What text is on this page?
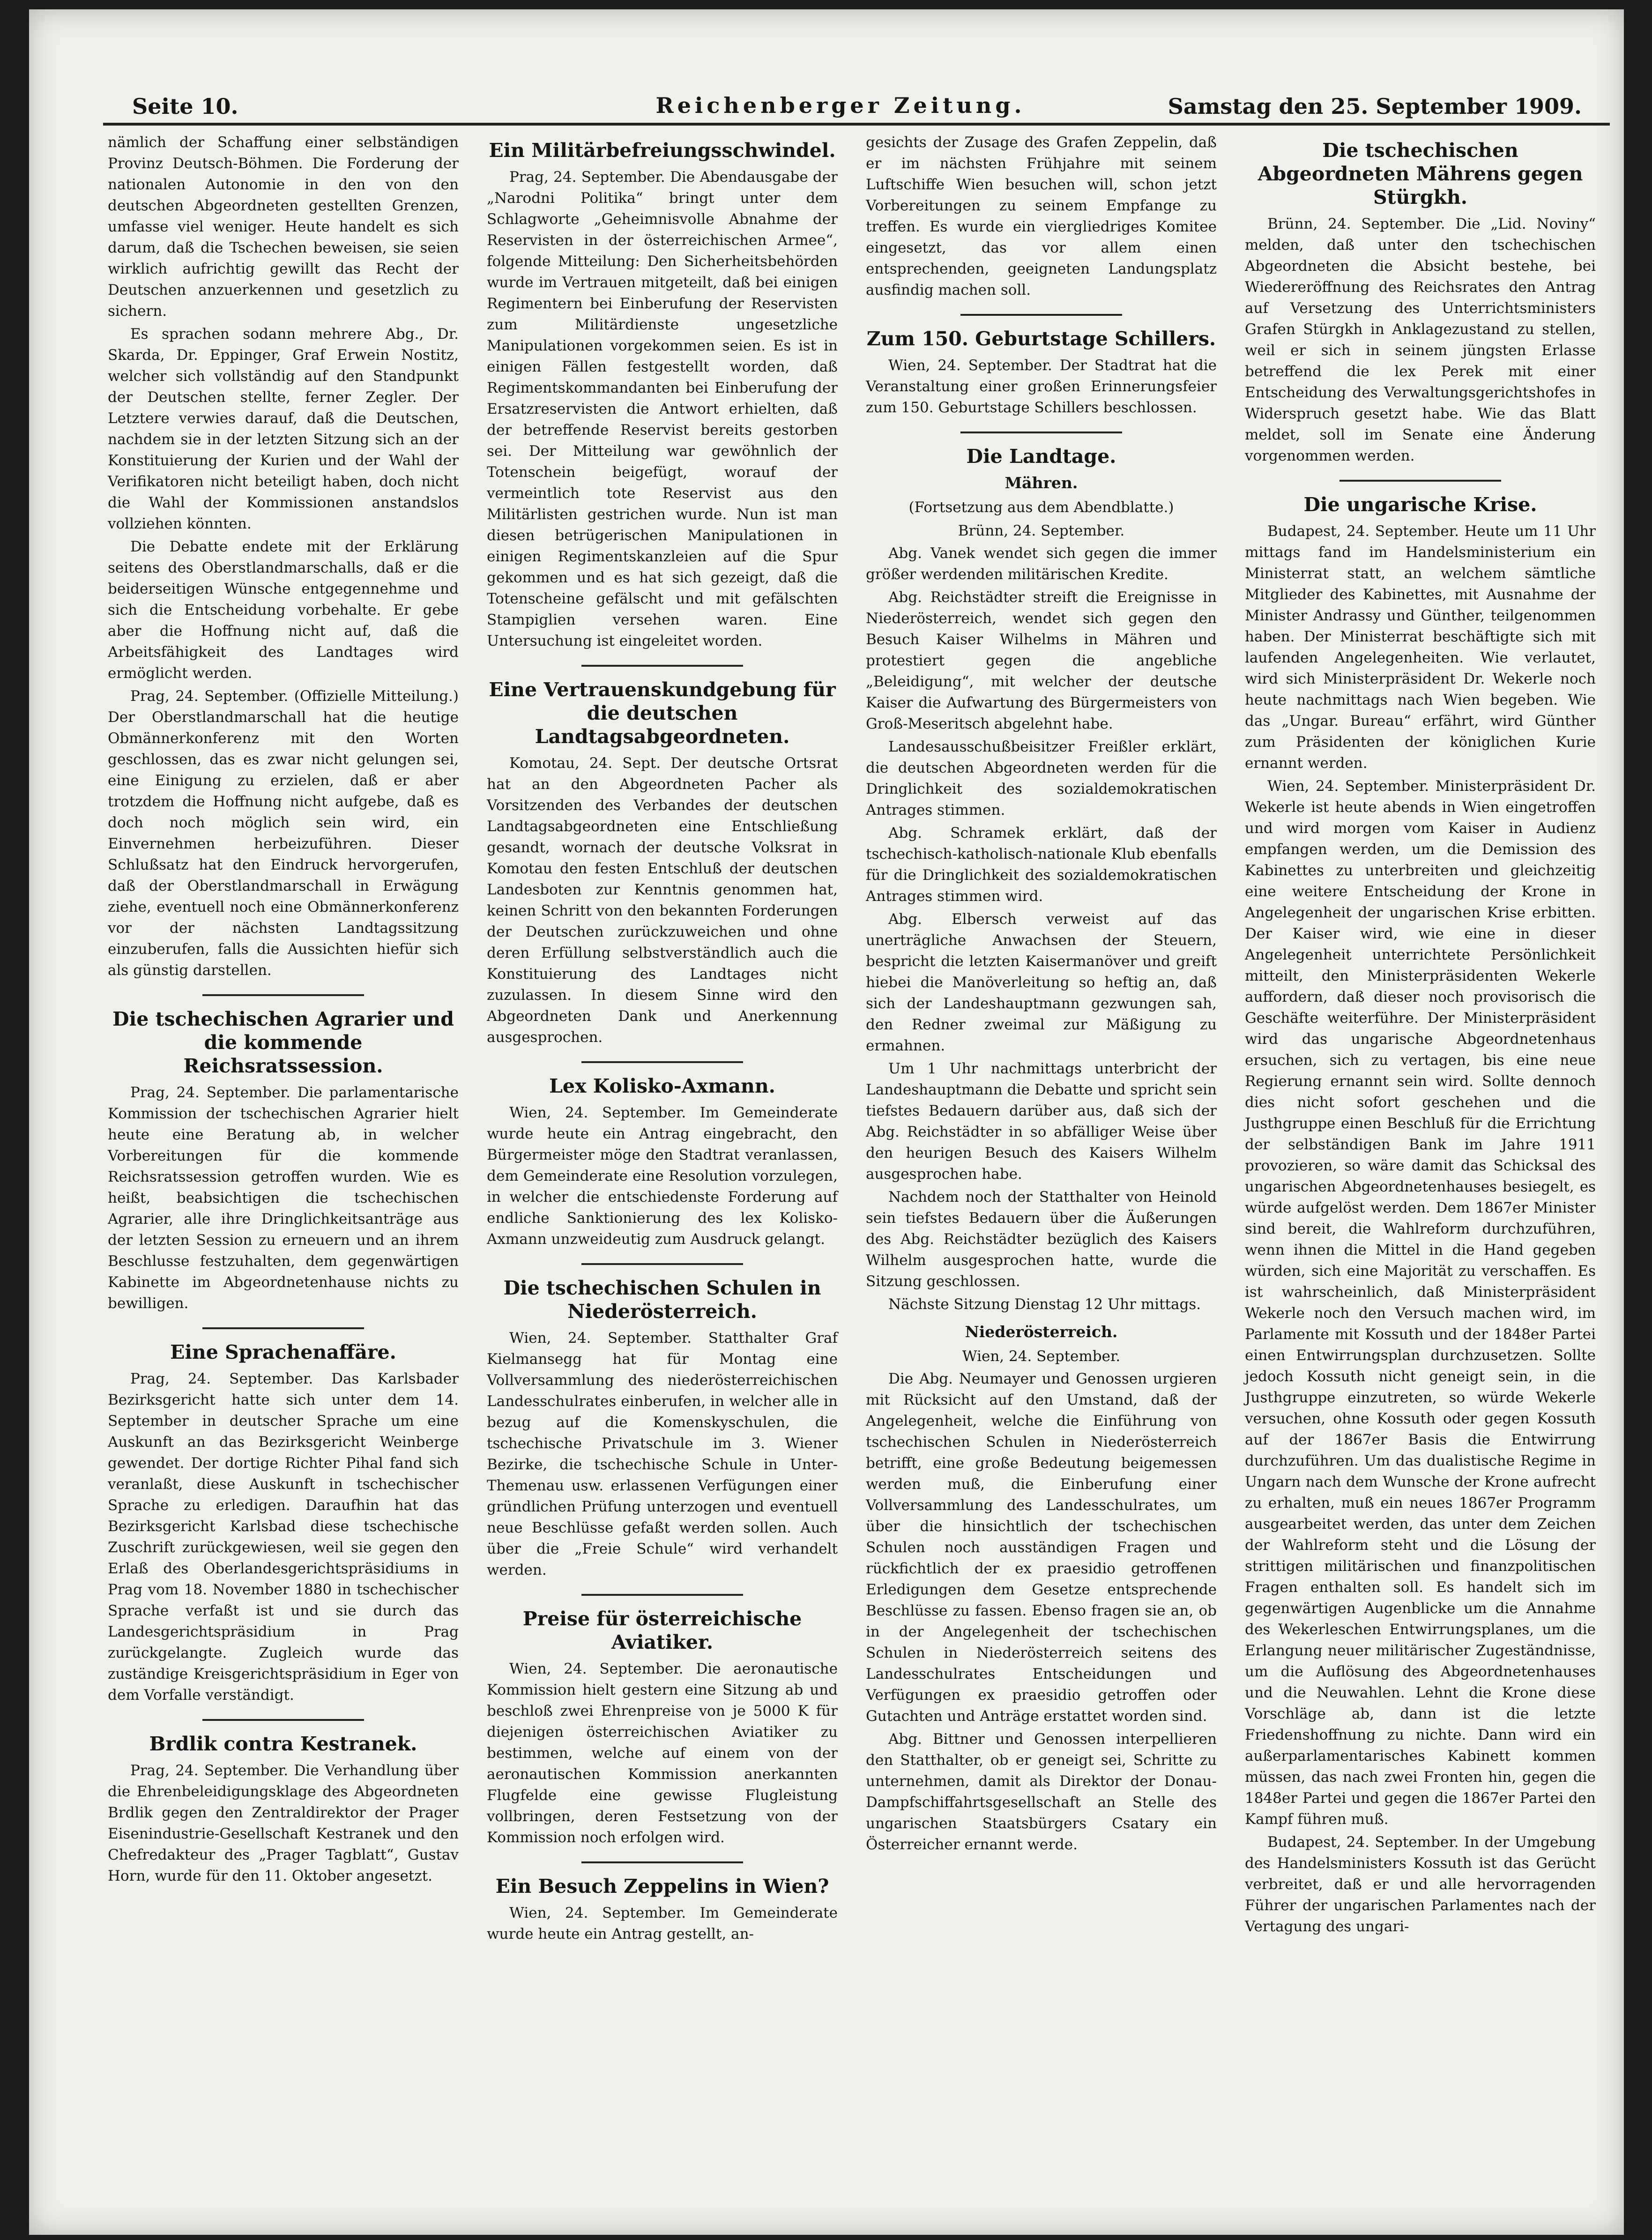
Seite 10.	Reichenberger Zeitung.	Samstag den 25. September 1909.

nämlich der Schaffung einer selbständigen Provinz Deutsch-Böhmen. Die Forderung der nationalen Autonomie in den von den deutschen Abgeordneten gestellten Grenzen, umfasse viel weniger. Heute handelt es sich darum, daß die Tschechen beweisen, sie seien wirklich aufrichtig gewillt das Recht der Deutschen anzuerkennen und gesetzlich zu sichern.

Es sprachen sodann mehrere Abg., Dr. Skarda, Dr. Eppinger, Graf Erwein Nostitz, welcher sich vollständig auf den Standpunkt der Deutschen stellte, ferner Zegler. Der Letztere verwies darauf, daß die Deutschen, nachdem sie in der letzten Sitzung sich an der Konstituierung der Kurien und der Wahl der Verifikatoren nicht beteiligt haben, doch nicht die Wahl der Kommissionen anstandslos vollziehen könnten.

Die Debatte endete mit der Erklärung seitens des Oberstlandmarschalls, daß er die beiderseitigen Wünsche entgegennehme und sich die Entscheidung vorbehalte. Er gebe aber die Hoffnung nicht auf, daß die Arbeitsfähigkeit des Landtages wird ermöglicht werden.

Prag, 24. September. (Offizielle Mitteilung.) Der Oberstlandmarschall hat die heutige Obmännerkonferenz mit den Worten geschlossen, das es zwar nicht gelungen sei, eine Einigung zu erzielen, daß er aber trotzdem die Hoffnung nicht aufgebe, daß es doch noch möglich sein wird, ein Einvernehmen herbeizuführen. Dieser Schlußsatz hat den Eindruck hervorgerufen, daß der Oberstlandmarschall in Erwägung ziehe, eventuell noch eine Obmännerkonferenz vor der nächsten Landtagssitzung einzuberufen, falls die Aussichten hiefür sich als günstig darstellen.

Die tschechischen Agrarier und die kommende Reichsratssession.

Prag, 24. September. Die parlamentarische Kommission der tschechischen Agrarier hielt heute eine Beratung ab, in welcher Vorbereitungen für die kommende Reichsratssession getroffen wurden. Wie es heißt, beabsichtigen die tschechischen Agrarier, alle ihre Dringlichkeitsanträge aus der letzten Session zu erneuern und an ihrem Beschlusse festzuhalten, dem gegenwärtigen Kabinette im Abgeordnetenhause nichts zu bewilligen.

Eine Sprachenaffäre.

Prag, 24. September. Das Karlsbader Bezirksgericht hatte sich unter dem 14. September in deutscher Sprache um eine Auskunft an das Bezirksgericht Weinberge gewendet. Der dortige Richter Pihal fand sich veranlaßt, diese Auskunft in tschechischer Sprache zu erledigen. Daraufhin hat das Bezirksgericht Karlsbad diese tschechische Zuschrift zurückgewiesen, weil sie gegen den Erlaß des Oberlandesgerichtspräsidiums in Prag vom 18. November 1880 in tschechischer Sprache verfaßt ist und sie durch das Landesgerichtspräsidium in Prag zurückgelangte. Zugleich wurde das zuständige Kreisgerichtspräsidium in Eger von dem Vorfalle verständigt.

Brdlik contra Kestranek.

Prag, 24. September. Die Verhandlung über die Ehrenbeleidigungsklage des Abgeordneten Brdlik gegen den Zentraldirektor der Prager Eisenindustrie-Gesellschaft Kestranek und den Chefredakteur des „Prager Tagblatt“, Gustav Horn, wurde für den 11. Oktober angesetzt.

Ein Militärbefreiungsschwindel.

Prag, 24. September. Die Abendausgabe der „Narodni Politika“ bringt unter dem Schlagworte „Geheimnisvolle Abnahme der Reservisten in der österreichischen Armee“, folgende Mitteilung: Den Sicherheitsbehörden wurde im Vertrauen mitgeteilt, daß bei einigen Regimentern bei Einberufung der Reservisten zum Militärdienste ungesetzliche Manipulationen vorgekommen seien. Es ist in einigen Fällen festgestellt worden, daß Regimentskommandanten bei Einberufung der Ersatzreservisten die Antwort erhielten, daß der betreffende Reservist bereits gestorben sei. Der Mitteilung war gewöhnlich der Totenschein beigefügt, worauf der vermeintlich tote Reservist aus den Militärlisten gestrichen wurde. Nun ist man diesen betrügerischen Manipulationen in einigen Regimentskanzleien auf die Spur gekommen und es hat sich gezeigt, daß die Totenscheine gefälscht und mit gefälschten Stampiglien versehen waren. Eine Untersuchung ist eingeleitet worden.

Eine Vertrauenskundgebung für die deutschen Landtagsabgeordneten.

Komotau, 24. Sept. Der deutsche Ortsrat hat an den Abgeordneten Pacher als Vorsitzenden des Verbandes der deutschen Landtagsabgeordneten eine Entschließung gesandt, wornach der deutsche Volksrat in Komotau den festen Entschluß der deutschen Landesboten zur Kenntnis genommen hat, keinen Schritt von den bekannten Forderungen der Deutschen zurückzuweichen und ohne deren Erfüllung selbstverständlich auch die Konstituierung des Landtages nicht zuzulassen. In diesem Sinne wird den Abgeordneten Dank und Anerkennung ausgesprochen.

Lex Kolisko-Axmann.

Wien, 24. September. Im Gemeinderate wurde heute ein Antrag eingebracht, den Bürgermeister möge den Stadtrat veranlassen, dem Gemeinderate eine Resolution vorzulegen, in welcher die entschiedenste Forderung auf endliche Sanktionierung des lex Kolisko-Axmann unzweideutig zum Ausdruck gelangt.

Die tschechischen Schulen in Niederösterreich.

Wien, 24. September. Statthalter Graf Kielmansegg hat für Montag eine Vollversammlung des niederösterreichischen Landesschulrates einberufen, in welcher alle in bezug auf die Komenskyschulen, die tschechische Privatschule im 3. Wiener Bezirke, die tschechische Schule in Unter-Themenau usw. erlassenen Verfügungen einer gründlichen Prüfung unterzogen und eventuell neue Beschlüsse gefaßt werden sollen. Auch über die „Freie Schule“ wird verhandelt werden.

Preise für österreichische Aviatiker.

Wien, 24. September. Die aeronautische Kommission hielt gestern eine Sitzung ab und beschloß zwei Ehrenpreise von je 5000 K für diejenigen österreichischen Aviatiker zu bestimmen, welche auf einem von der aeronautischen Kommission anerkannten Flugfelde eine gewisse Flugleistung vollbringen, deren Festsetzung von der Kommission noch erfolgen wird.

Ein Besuch Zeppelins in Wien?

Wien, 24. September. Im Gemeinderate wurde heute ein Antrag gestellt, an-

gesichts der Zusage des Grafen Zeppelin, daß er im nächsten Frühjahre mit seinem Luftschiffe Wien besuchen will, schon jetzt Vorbereitungen zu seinem Empfange zu treffen. Es wurde ein viergliedriges Komitee eingesetzt, das vor allem einen entsprechenden, geeigneten Landungsplatz ausfindig machen soll.

Zum 150. Geburtstage Schillers.

Wien, 24. September. Der Stadtrat hat die Veranstaltung einer großen Erinnerungsfeier zum 150. Geburtstage Schillers beschlossen.

Die Landtage.
Mähren.
(Fortsetzung aus dem Abendblatte.)
Brünn, 24. September.

Abg. Vanek wendet sich gegen die immer größer werdenden militärischen Kredite.

Abg. Reichstädter streift die Ereignisse in Niederösterreich, wendet sich gegen den Besuch Kaiser Wilhelms in Mähren und protestiert gegen die angebliche „Beleidigung“, mit welcher der deutsche Kaiser die Aufwartung des Bürgermeisters von Groß-Meseritsch abgelehnt habe.

Landesausschußbeisitzer Freißler erklärt, die deutschen Abgeordneten werden für die Dringlichkeit des sozialdemokratischen Antrages stimmen.

Abg. Schramek erklärt, daß der tschechisch-katholisch-nationale Klub ebenfalls für die Dringlichkeit des sozialdemokratischen Antrages stimmen wird.

Abg. Elbersch verweist auf das unerträgliche Anwachsen der Steuern, bespricht die letzten Kaisermanöver und greift hiebei die Manöverleitung so heftig an, daß sich der Landeshauptmann gezwungen sah, den Redner zweimal zur Mäßigung zu ermahnen.

Um 1 Uhr nachmittags unterbricht der Landeshauptmann die Debatte und spricht sein tiefstes Bedauern darüber aus, daß sich der Abg. Reichstädter in so abfälliger Weise über den heurigen Besuch des Kaisers Wilhelm ausgesprochen habe.

Nachdem noch der Statthalter von Heinold sein tiefstes Bedauern über die Äußerungen des Abg. Reichstädter bezüglich des Kaisers Wilhelm ausgesprochen hatte, wurde die Sitzung geschlossen.

Nächste Sitzung Dienstag 12 Uhr mittags.

Niederösterreich.
Wien, 24. September.

Die Abg. Neumayer und Genossen urgieren mit Rücksicht auf den Umstand, daß der Angelegenheit, welche die Einführung von tschechischen Schulen in Niederösterreich betrifft, eine große Bedeutung beigemessen werden muß, die Einberufung einer Vollversammlung des Landesschulrates, um über die hinsichtlich der tschechischen Schulen noch ausständigen Fragen und rückfichtlich der ex praesidio getroffenen Erledigungen dem Gesetze entsprechende Beschlüsse zu fassen. Ebenso fragen sie an, ob in der Angelegenheit der tschechischen Schulen in Niederösterreich seitens des Landesschulrates Entscheidungen und Verfügungen ex praesidio getroffen oder Gutachten und Anträge erstattet worden sind.

Abg. Bittner und Genossen interpellieren den Statthalter, ob er geneigt sei, Schritte zu unternehmen, damit als Direktor der Donau-Dampfschiffahrtsgesellschaft an Stelle des ungarischen Staatsbürgers Csatary ein Österreicher ernannt werde.

Die tschechischen Abgeordneten Mährens gegen Stürgkh.

Brünn, 24. September. Die „Lid. Noviny“ melden, daß unter den tschechischen Abgeordneten die Absicht bestehe, bei Wiedereröffnung des Reichsrates den Antrag auf Versetzung des Unterrichtsministers Grafen Stürgkh in Anklagezustand zu stellen, weil er sich in seinem jüngsten Erlasse betreffend die lex Perek mit einer Entscheidung des Verwaltungsgerichtshofes in Widerspruch gesetzt habe. Wie das Blatt meldet, soll im Senate eine Änderung vorgenommen werden.

Die ungarische Krise.

Budapest, 24. September. Heute um 11 Uhr mittags fand im Handelsministerium ein Ministerrat statt, an welchem sämtliche Mitglieder des Kabinettes, mit Ausnahme der Minister Andrassy und Günther, teilgenommen haben. Der Ministerrat beschäftigte sich mit laufenden Angelegenheiten. Wie verlautet, wird sich Ministerpräsident Dr. Wekerle noch heute nachmittags nach Wien begeben. Wie das „Ungar. Bureau“ erfährt, wird Günther zum Präsidenten der königlichen Kurie ernannt werden.

Wien, 24. September. Ministerpräsident Dr. Wekerle ist heute abends in Wien eingetroffen und wird morgen vom Kaiser in Audienz empfangen werden, um die Demission des Kabinettes zu unterbreiten und gleichzeitig eine weitere Entscheidung der Krone in Angelegenheit der ungarischen Krise erbitten. Der Kaiser wird, wie eine in dieser Angelegenheit unterrichtete Persönlichkeit mitteilt, den Ministerpräsidenten Wekerle auffordern, daß dieser noch provisorisch die Geschäfte weiterführe. Der Ministerpräsident wird das ungarische Abgeordnetenhaus ersuchen, sich zu vertagen, bis eine neue Regierung ernannt sein wird. Sollte dennoch dies nicht sofort geschehen und die Justhgruppe einen Beschluß für die Errichtung der selbständigen Bank im Jahre 1911 provozieren, so wäre damit das Schicksal des ungarischen Abgeordnetenhauses besiegelt, es würde aufgelöst werden. Dem 1867er Minister sind bereit, die Wahlreform durchzuführen, wenn ihnen die Mittel in die Hand gegeben würden, sich eine Majorität zu verschaffen. Es ist wahrscheinlich, daß Ministerpräsident Wekerle noch den Versuch machen wird, im Parlamente mit Kossuth und der 1848er Partei einen Entwirrungsplan durchzusetzen. Sollte jedoch Kossuth nicht geneigt sein, in die Justhgruppe einzutreten, so würde Wekerle versuchen, ohne Kossuth oder gegen Kossuth auf der 1867er Basis die Entwirrung durchzuführen. Um das dualistische Regime in Ungarn nach dem Wunsche der Krone aufrecht zu erhalten, muß ein neues 1867er Programm ausgearbeitet werden, das unter dem Zeichen der Wahlreform steht und die Lösung der strittigen militärischen und finanzpolitischen Fragen enthalten soll. Es handelt sich im gegenwärtigen Augenblicke um die Annahme des Wekerleschen Entwirrungsplanes, um die Erlangung neuer militärischer Zugeständnisse, um die Auflösung des Abgeordnetenhauses und die Neuwahlen. Lehnt die Krone diese Vorschläge ab, dann ist die letzte Friedenshoffnung zu nichte. Dann wird ein außerparlamentarisches Kabinett kommen müssen, das nach zwei Fronten hin, gegen die 1848er Partei und gegen die 1867er Partei den Kampf führen muß.

Budapest, 24. September. In der Umgebung des Handelsministers Kossuth ist das Gerücht verbreitet, daß er und alle hervorragenden Führer der ungarischen Parlamentes nach der Vertagung des ungari-
